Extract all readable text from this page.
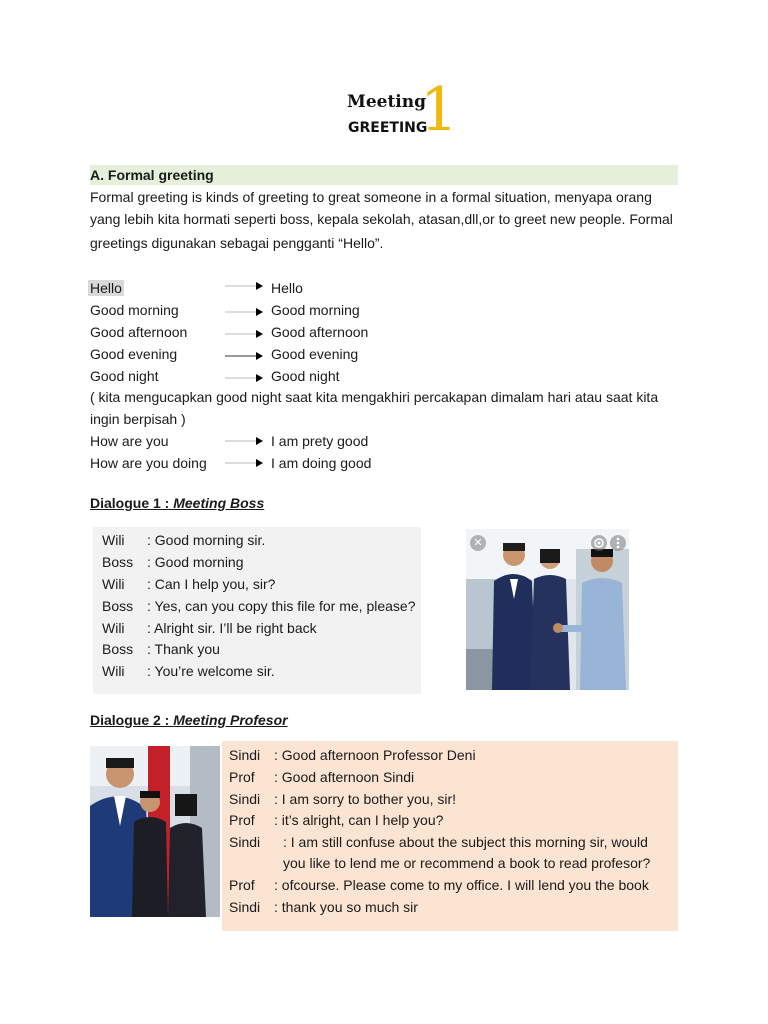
Meeting
GREETING
1
A. Formal greeting
Formal greeting is kinds of greeting to great someone in a formal situation, menyapa orang
yang lebih kita hormati seperti boss, kepala sekolah, atasan,dll,or to greet new people. Formal
greetings digunakan sebagai pengganti “Hello”.
Hello	Hello
Good morning	Good morning
Good afternoon	Good afternoon
Good evening	Good evening
Good night	Good night
( kita mengucapkan good night saat kita mengakhiri percakapan dimalam hari atau saat kita
ingin berpisah )
How are you	I am prety good
How are you doing	I am doing good
Dialogue 1 : Meeting Boss
Wili : Good morning sir.
Boss : Good morning
Wili : Can I help you, sir?
Boss : Yes, can you copy this file for me, please?
Wili : Alright sir. I’ll be right back
Boss : Thank you
Wili : You’re welcome sir.
✕
Dialogue 2 : Meeting Profesor
Sindi : Good afternoon Professor Deni
Prof : Good afternoon Sindi
Sindi : I am sorry to bother you, sir!
Prof : it’s alright, can I help you?
Sindi : I am still confuse about the subject this morning sir, would
you like to lend me or recommend a book to read profesor?
Prof : ofcourse. Please come to my office. I will lend you the book
Sindi : thank you so much sir
